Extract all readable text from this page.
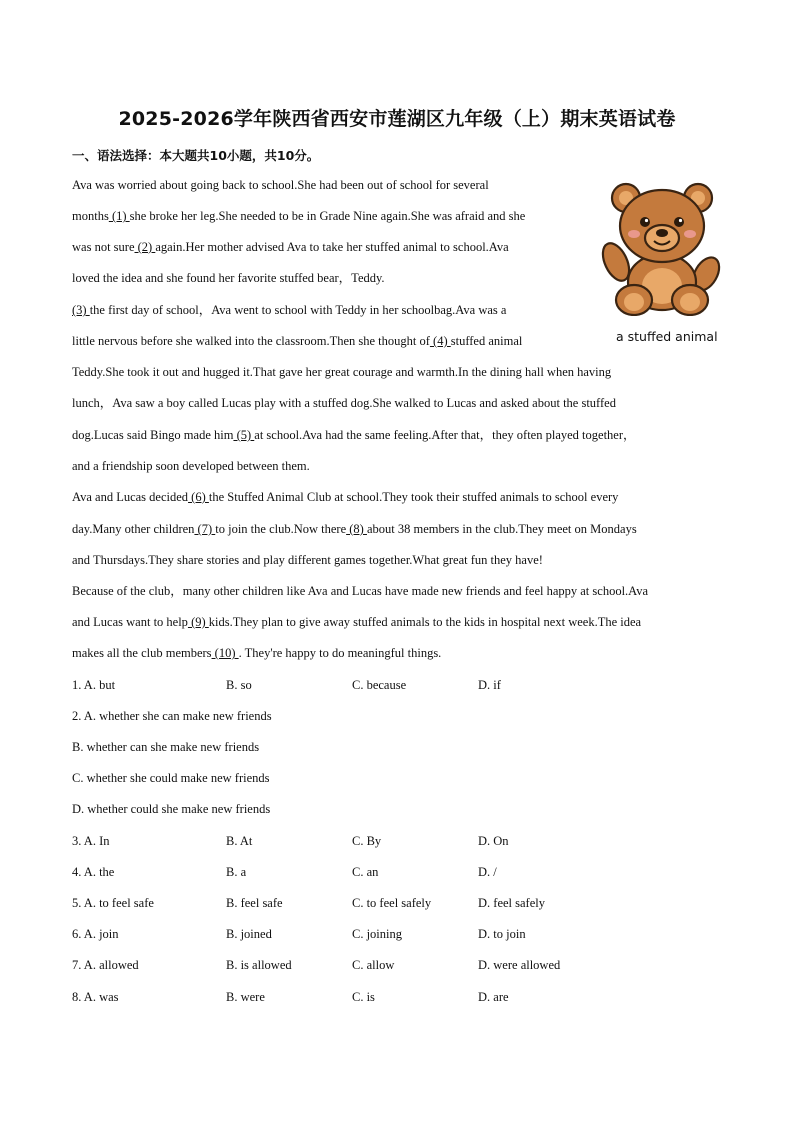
2025-2026学年陕西省西安市莲湖区九年级（上）期末英语试卷
一、语法选择：本大题共10小题，共10分。
Ava was worried about going back to school.She had been out of school for several
months (1) she broke her leg.She needed to be in Grade Nine again.She was afraid and she
was not sure (2) again.Her mother advised Ava to take her stuffed animal to school.Ava
loved the idea and she found her favorite stuffed bear，Teddy.
(3) the first day of school，Ava went to school with Teddy in her schoolbag.Ava was a
little nervous before she walked into the classroom.Then she thought of (4) stuffed animal
Teddy.She took it out and hugged it.That gave her great courage and warmth.In the dining hall when having
lunch，Ava saw a boy called Lucas play with a stuffed dog.She walked to Lucas and asked about the stuffed
dog.Lucas said Bingo made him (5) at school.Ava had the same feeling.After that，they often played together，
and a friendship soon developed between them.
Ava and Lucas decided (6) the Stuffed Animal Club at school.They took their stuffed animals to school every
day.Many other children (7) to join the club.Now there (8) about 38 members in the club.They meet on Mondays
and Thursdays.They share stories and play different games together.What great fun they have!
Because of the club，many other children like Ava and Lucas have made new friends and feel happy at school.Ava
and Lucas want to help (9) kids.They plan to give away stuffed animals to the kids in hospital next week.The idea
makes all the club members (10) . They're happy to do meaningful things.
a stuffed animal
1. A. but	B. so	C. because	D. if
2. A. whether she can make new friends
B. whether can she make new friends
C. whether she could make new friends
D. whether could she make new friends
3. A. In	B. At	C. By	D. On
4. A. the	B. a	C. an	D. /
5. A. to feel safe	B. feel safe	C. to feel safely	D. feel safely
6. A. join	B. joined	C. joining	D. to join
7. A. allowed	B. is allowed	C. allow	D. were allowed
8. A. was	B. were	C. is	D. are
